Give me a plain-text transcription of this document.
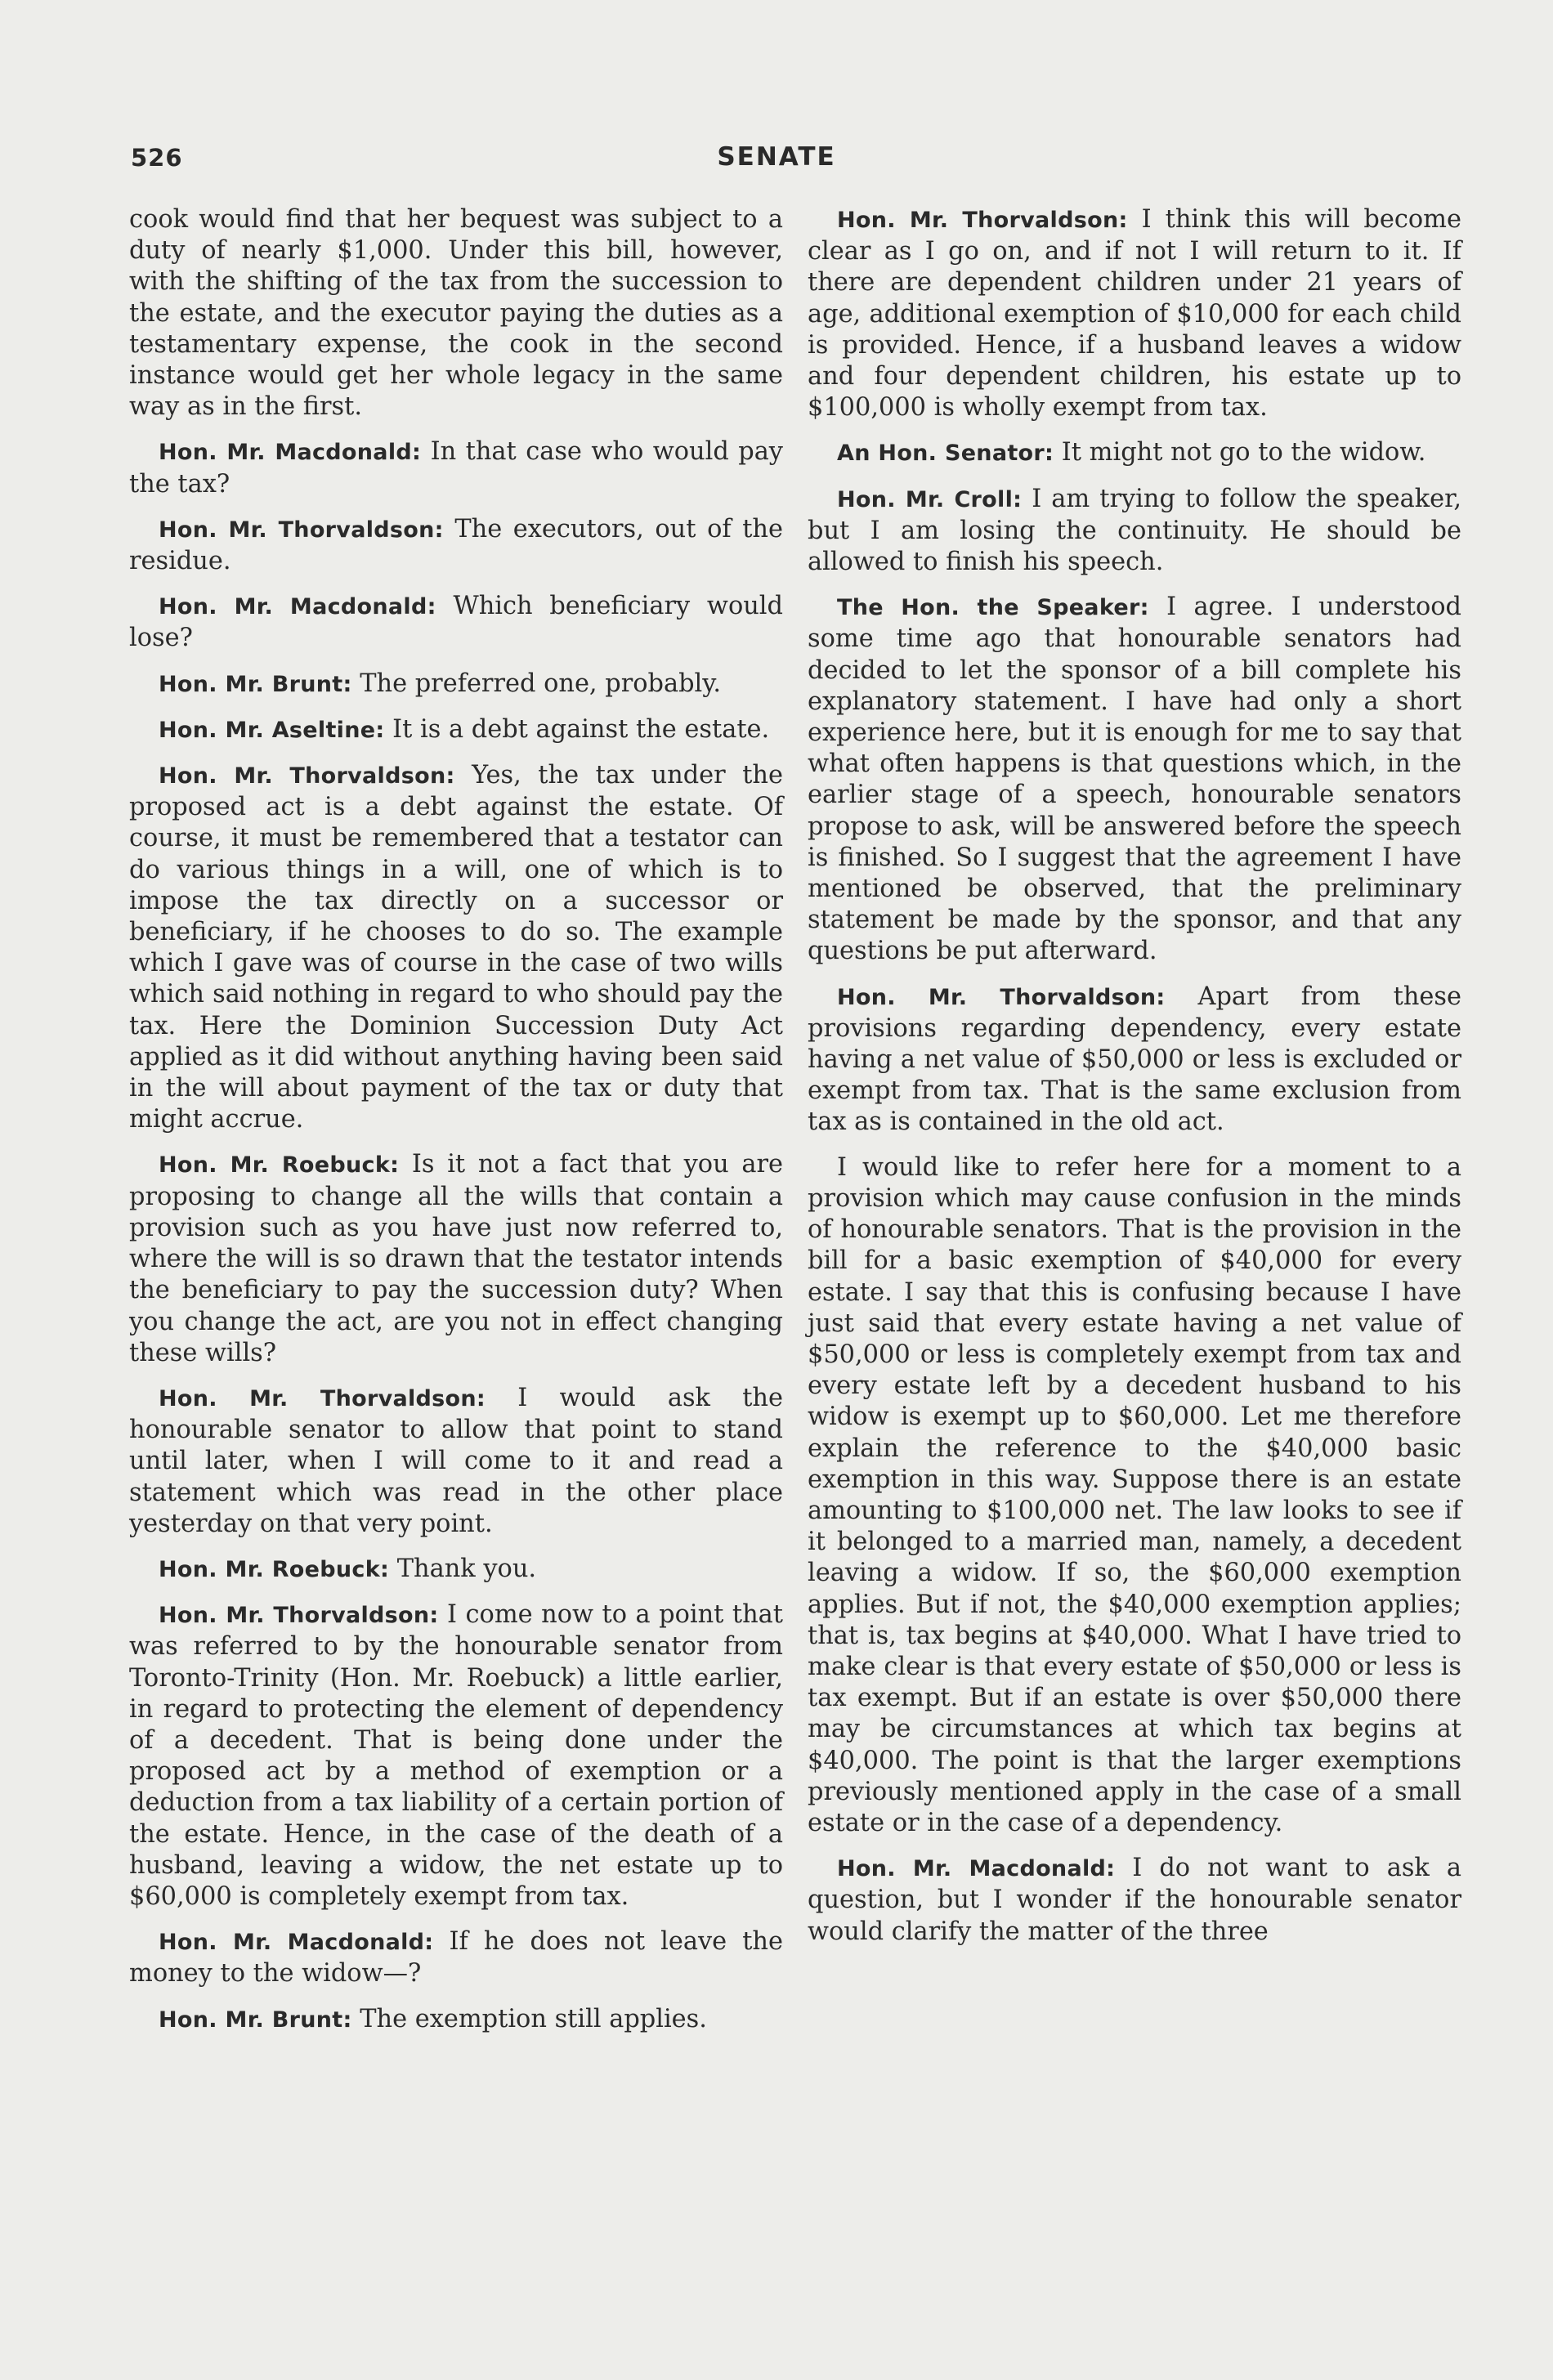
526	SENATE

cook would find that her bequest was subject to a duty of nearly $1,000. Under this bill, however, with the shifting of the tax from the succession to the estate, and the executor paying the duties as a testamentary expense, the cook in the second instance would get her whole legacy in the same way as in the first.

Hon. Mr. Macdonald: In that case who would pay the tax?

Hon. Mr. Thorvaldson: The executors, out of the residue.

Hon. Mr. Macdonald: Which beneficiary would lose?

Hon. Mr. Brunt: The preferred one, probably.

Hon. Mr. Aseltine: It is a debt against the estate.

Hon. Mr. Thorvaldson: Yes, the tax under the proposed act is a debt against the estate. Of course, it must be remembered that a testator can do various things in a will, one of which is to impose the tax directly on a successor or beneficiary, if he chooses to do so. The example which I gave was of course in the case of two wills which said nothing in regard to who should pay the tax. Here the Dominion Succession Duty Act applied as it did without anything having been said in the will about payment of the tax or duty that might accrue.

Hon. Mr. Roebuck: Is it not a fact that you are proposing to change all the wills that contain a provision such as you have just now referred to, where the will is so drawn that the testator intends the beneficiary to pay the succession duty? When you change the act, are you not in effect changing these wills?

Hon. Mr. Thorvaldson: I would ask the honourable senator to allow that point to stand until later, when I will come to it and read a statement which was read in the other place yesterday on that very point.

Hon. Mr. Roebuck: Thank you.

Hon. Mr. Thorvaldson: I come now to a point that was referred to by the honourable senator from Toronto-Trinity (Hon. Mr. Roebuck) a little earlier, in regard to protecting the element of dependency of a decedent. That is being done under the proposed act by a method of exemption or a deduction from a tax liability of a certain portion of the estate. Hence, in the case of the death of a husband, leaving a widow, the net estate up to $60,000 is completely exempt from tax.

Hon. Mr. Macdonald: If he does not leave the money to the widow—?

Hon. Mr. Brunt: The exemption still applies.

Hon. Mr. Thorvaldson: I think this will become clear as I go on, and if not I will return to it. If there are dependent children under 21 years of age, additional exemption of $10,000 for each child is provided. Hence, if a husband leaves a widow and four dependent children, his estate up to $100,000 is wholly exempt from tax.

An Hon. Senator: It might not go to the widow.

Hon. Mr. Croll: I am trying to follow the speaker, but I am losing the continuity. He should be allowed to finish his speech.

The Hon. the Speaker: I agree. I understood some time ago that honourable senators had decided to let the sponsor of a bill complete his explanatory statement. I have had only a short experience here, but it is enough for me to say that what often happens is that questions which, in the earlier stage of a speech, honourable senators propose to ask, will be answered before the speech is finished. So I suggest that the agreement I have mentioned be observed, that the preliminary statement be made by the sponsor, and that any questions be put afterward.

Hon. Mr. Thorvaldson: Apart from these provisions regarding dependency, every estate having a net value of $50,000 or less is excluded or exempt from tax. That is the same exclusion from tax as is contained in the old act.

I would like to refer here for a moment to a provision which may cause confusion in the minds of honourable senators. That is the provision in the bill for a basic exemption of $40,000 for every estate. I say that this is confusing because I have just said that every estate having a net value of $50,000 or less is completely exempt from tax and every estate left by a decedent husband to his widow is exempt up to $60,000. Let me therefore explain the reference to the $40,000 basic exemption in this way. Suppose there is an estate amounting to $100,000 net. The law looks to see if it belonged to a married man, namely, a decedent leaving a widow. If so, the $60,000 exemption applies. But if not, the $40,000 exemption applies; that is, tax begins at $40,000. What I have tried to make clear is that every estate of $50,000 or less is tax exempt. But if an estate is over $50,000 there may be circumstances at which tax begins at $40,000. The point is that the larger exemptions previously mentioned apply in the case of a small estate or in the case of a dependency.

Hon. Mr. Macdonald: I do not want to ask a question, but I wonder if the honourable senator would clarify the matter of the three
